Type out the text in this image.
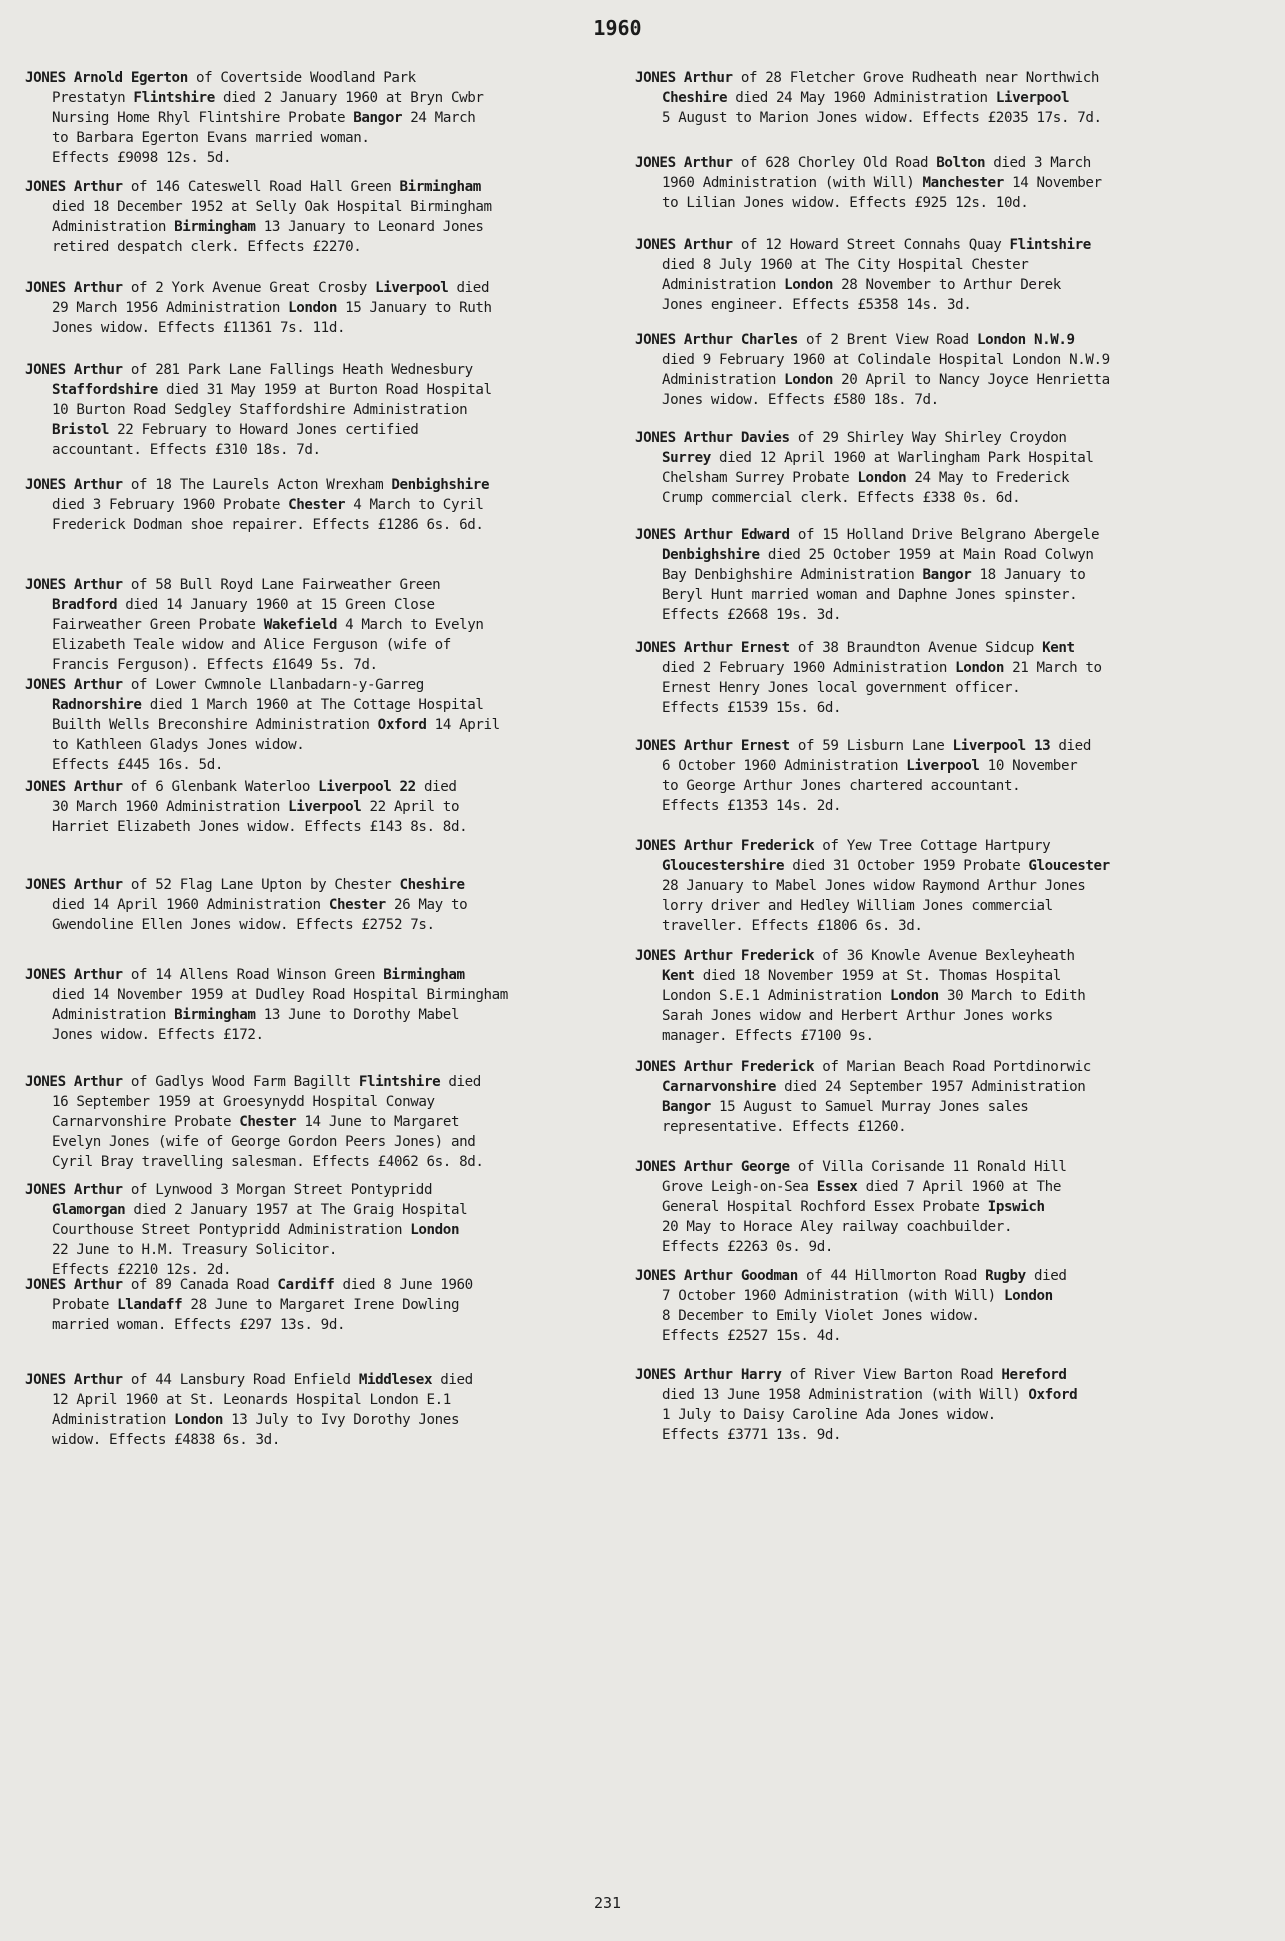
1960
JONES Arnold Egerton of Covertside Woodland Park
Prestatyn Flintshire died 2 January 1960 at Bryn Cwbr
Nursing Home Rhyl Flintshire Probate Bangor 24 March
to Barbara Egerton Evans married woman.
Effects £9098 12s. 5d.
JONES Arthur of 146 Cateswell Road Hall Green Birmingham
died 18 December 1952 at Selly Oak Hospital Birmingham
Administration Birmingham 13 January to Leonard Jones
retired despatch clerk. Effects £2270.
JONES Arthur of 2 York Avenue Great Crosby Liverpool died
29 March 1956 Administration London 15 January to Ruth
Jones widow. Effects £11361 7s. 11d.
JONES Arthur of 281 Park Lane Fallings Heath Wednesbury
Staffordshire died 31 May 1959 at Burton Road Hospital
10 Burton Road Sedgley Staffordshire Administration
Bristol 22 February to Howard Jones certified
accountant. Effects £310 18s. 7d.
JONES Arthur of 18 The Laurels Acton Wrexham Denbighshire
died 3 February 1960 Probate Chester 4 March to Cyril
Frederick Dodman shoe repairer. Effects £1286 6s. 6d.
JONES Arthur of 58 Bull Royd Lane Fairweather Green
Bradford died 14 January 1960 at 15 Green Close
Fairweather Green Probate Wakefield 4 March to Evelyn
Elizabeth Teale widow and Alice Ferguson (wife of
Francis Ferguson). Effects £1649 5s. 7d.
JONES Arthur of Lower Cwmnole Llanbadarn-y-Garreg
Radnorshire died 1 March 1960 at The Cottage Hospital
Builth Wells Breconshire Administration Oxford 14 April
to Kathleen Gladys Jones widow.
Effects £445 16s. 5d.
JONES Arthur of 6 Glenbank Waterloo Liverpool 22 died
30 March 1960 Administration Liverpool 22 April to
Harriet Elizabeth Jones widow. Effects £143 8s. 8d.
JONES Arthur of 52 Flag Lane Upton by Chester Cheshire
died 14 April 1960 Administration Chester 26 May to
Gwendoline Ellen Jones widow. Effects £2752 7s.
JONES Arthur of 14 Allens Road Winson Green Birmingham
died 14 November 1959 at Dudley Road Hospital Birmingham
Administration Birmingham 13 June to Dorothy Mabel
Jones widow. Effects £172.
JONES Arthur of Gadlys Wood Farm Bagillt Flintshire died
16 September 1959 at Groesynydd Hospital Conway
Carnarvonshire Probate Chester 14 June to Margaret
Evelyn Jones (wife of George Gordon Peers Jones) and
Cyril Bray travelling salesman. Effects £4062 6s. 8d.
JONES Arthur of Lynwood 3 Morgan Street Pontypridd
Glamorgan died 2 January 1957 at The Graig Hospital
Courthouse Street Pontypridd Administration London
22 June to H.M. Treasury Solicitor.
Effects £2210 12s. 2d.
JONES Arthur of 89 Canada Road Cardiff died 8 June 1960
Probate Llandaff 28 June to Margaret Irene Dowling
married woman. Effects £297 13s. 9d.
JONES Arthur of 44 Lansbury Road Enfield Middlesex died
12 April 1960 at St. Leonards Hospital London E.1
Administration London 13 July to Ivy Dorothy Jones
widow. Effects £4838 6s. 3d.
JONES Arthur of 28 Fletcher Grove Rudheath near Northwich
Cheshire died 24 May 1960 Administration Liverpool
5 August to Marion Jones widow. Effects £2035 17s. 7d.
JONES Arthur of 628 Chorley Old Road Bolton died 3 March
1960 Administration (with Will) Manchester 14 November
to Lilian Jones widow. Effects £925 12s. 10d.
JONES Arthur of 12 Howard Street Connahs Quay Flintshire
died 8 July 1960 at The City Hospital Chester
Administration London 28 November to Arthur Derek
Jones engineer. Effects £5358 14s. 3d.
JONES Arthur Charles of 2 Brent View Road London N.W.9
died 9 February 1960 at Colindale Hospital London N.W.9
Administration London 20 April to Nancy Joyce Henrietta
Jones widow. Effects £580 18s. 7d.
JONES Arthur Davies of 29 Shirley Way Shirley Croydon
Surrey died 12 April 1960 at Warlingham Park Hospital
Chelsham Surrey Probate London 24 May to Frederick
Crump commercial clerk. Effects £338 0s. 6d.
JONES Arthur Edward of 15 Holland Drive Belgrano Abergele
Denbighshire died 25 October 1959 at Main Road Colwyn
Bay Denbighshire Administration Bangor 18 January to
Beryl Hunt married woman and Daphne Jones spinster.
Effects £2668 19s. 3d.
JONES Arthur Ernest of 38 Braundton Avenue Sidcup Kent
died 2 February 1960 Administration London 21 March to
Ernest Henry Jones local government officer.
Effects £1539 15s. 6d.
JONES Arthur Ernest of 59 Lisburn Lane Liverpool 13 died
6 October 1960 Administration Liverpool 10 November
to George Arthur Jones chartered accountant.
Effects £1353 14s. 2d.
JONES Arthur Frederick of Yew Tree Cottage Hartpury
Gloucestershire died 31 October 1959 Probate Gloucester
28 January to Mabel Jones widow Raymond Arthur Jones
lorry driver and Hedley William Jones commercial
traveller. Effects £1806 6s. 3d.
JONES Arthur Frederick of 36 Knowle Avenue Bexleyheath
Kent died 18 November 1959 at St. Thomas Hospital
London S.E.1 Administration London 30 March to Edith
Sarah Jones widow and Herbert Arthur Jones works
manager. Effects £7100 9s.
JONES Arthur Frederick of Marian Beach Road Portdinorwic
Carnarvonshire died 24 September 1957 Administration
Bangor 15 August to Samuel Murray Jones sales
representative. Effects £1260.
JONES Arthur George of Villa Corisande 11 Ronald Hill
Grove Leigh-on-Sea Essex died 7 April 1960 at The
General Hospital Rochford Essex Probate Ipswich
20 May to Horace Aley railway coachbuilder.
Effects £2263 0s. 9d.
JONES Arthur Goodman of 44 Hillmorton Road Rugby died
7 October 1960 Administration (with Will) London
8 December to Emily Violet Jones widow.
Effects £2527 15s. 4d.
JONES Arthur Harry of River View Barton Road Hereford
died 13 June 1958 Administration (with Will) Oxford
1 July to Daisy Caroline Ada Jones widow.
Effects £3771 13s. 9d.
231
